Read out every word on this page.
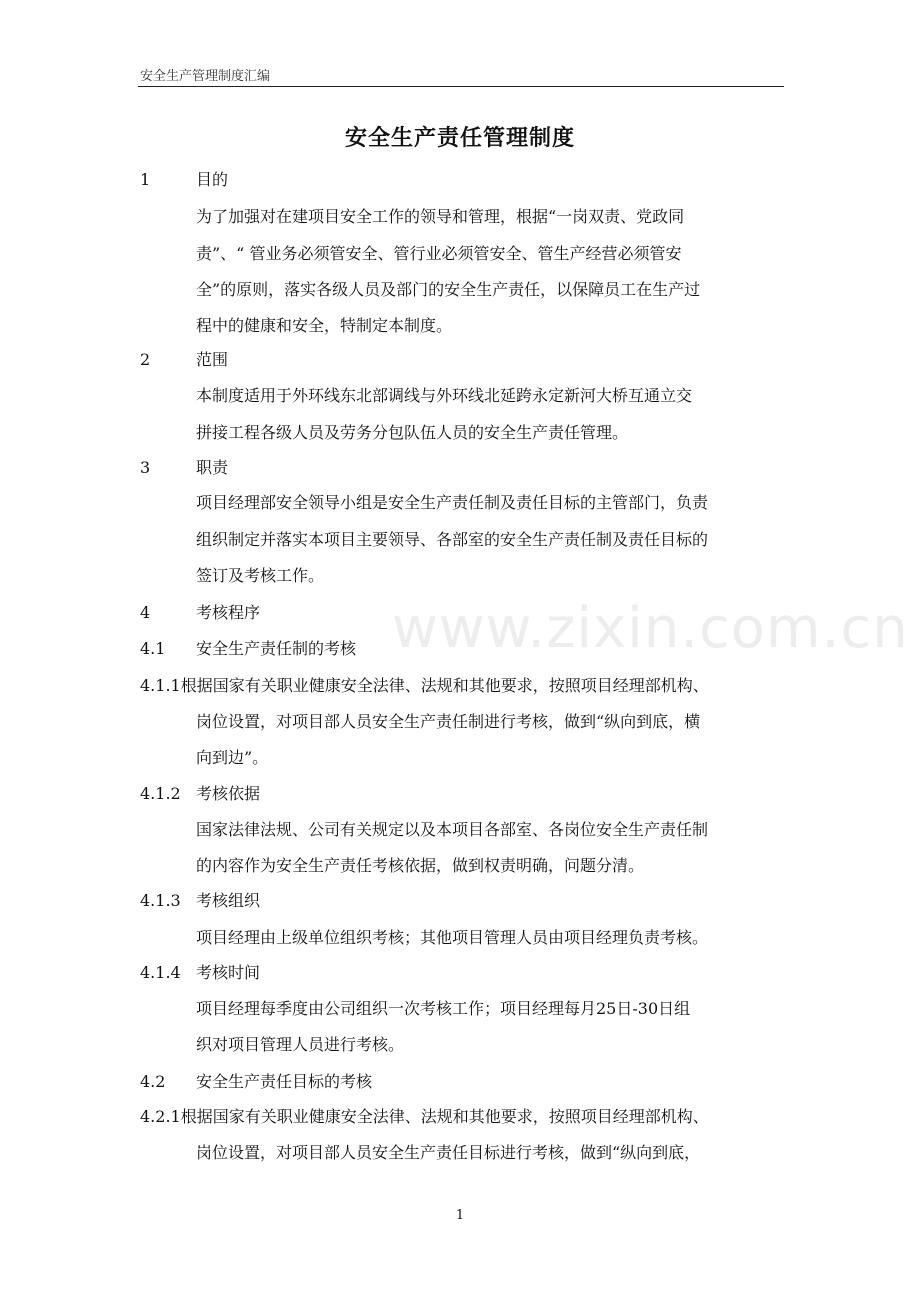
安全生产管理制度汇编
www.zixin.com.cn
安全生产责任管理制度
1	目的
为了加强对在建项目安全工作的领导和管理，根据“一岗双责、党政同
责”、“ 管业务必须管安全、管行业必须管安全、管生产经营必须管安
全”的原则，落实各级人员及部门的安全生产责任，以保障员工在生产过
程中的健康和安全，特制定本制度。
2	范围
本制度适用于外环线东北部调线与外环线北延跨永定新河大桥互通立交
拼接工程各级人员及劳务分包队伍人员的安全生产责任管理。
3	职责
项目经理部安全领导小组是安全生产责任制及责任目标的主管部门，负责
组织制定并落实本项目主要领导、各部室的安全生产责任制及责任目标的
签订及考核工作。
4	考核程序
4.1 安全生产责任制的考核
4.1.1根据国家有关职业健康安全法律、法规和其他要求，按照项目经理部机构、
岗位设置，对项目部人员安全生产责任制进行考核，做到“纵向到底，横
向到边”。
4.1.2 考核依据
国家法律法规、公司有关规定以及本项目各部室、各岗位安全生产责任制
的内容作为安全生产责任考核依据，做到权责明确，问题分清。
4.1.3 考核组织
项目经理由上级单位组织考核；其他项目管理人员由项目经理负责考核。
4.1.4 考核时间
项目经理每季度由公司组织一次考核工作；项目经理每月25日-30日组
织对项目管理人员进行考核。
4.2 安全生产责任目标的考核
4.2.1根据国家有关职业健康安全法律、法规和其他要求，按照项目经理部机构、
岗位设置，对项目部人员安全生产责任目标进行考核，做到“纵向到底，
1
